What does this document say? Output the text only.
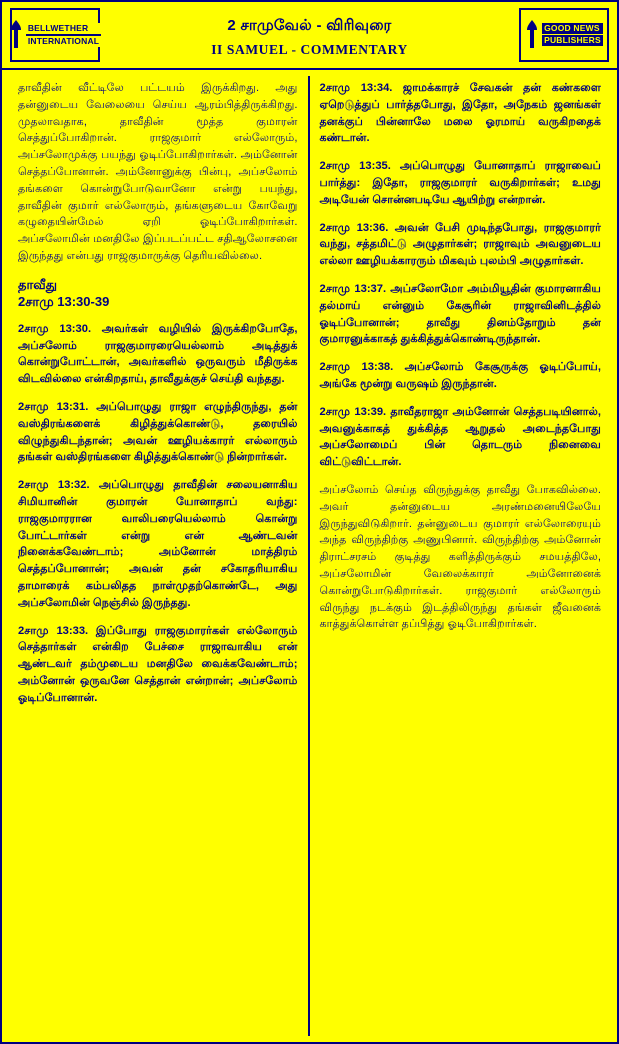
BELLWETHER
INTERNATIONAL
2 சாமுவேல் - விரிவுரை
II SAMUEL - COMMENTARY
GOOD NEWS
PUBLISHERS

தாவீதின் வீட்டிலே பட்டயம் இருக்கிறது. அது தன்னுடைய வேலையை செய்ய ஆரம்பித்திருக்கிறது. முதலாவதாக, தாவீதின் மூத்த குமாரன் செத்துப்போகிறான். ராஜகுமார் எல்லோரும், அப்சலோமுக்கு பயந்து ஓடிப்போகிறார்கள். அம்னோன் செத்தப்போனான். அம்னோனுக்கு பின்பு, அப்சலோம் தங்களை கொன்றுபோடுவானோ என்று பயந்து, தாவீதின் குமார் எல்லோரும், தங்களுடைய கோவேறு கழுதையின்மேல் ஏறி ஓடிப்போகிறார்கள். அப்சலோமின் மனதிலே இப்படப்பட்ட சதிஆலோசனை இருந்தது என்பது ராஜகுமாருக்கு தெரியவில்லை.

தாவீது
2சாமு 13:30-39

2சாமு 13:30. அவர்கள் வழியில் இருக்கிறபோதே, அப்சலோம் ராஜகுமாரரையெல்லாம் அடித்துக் கொன்றுபோட்டான், அவர்களில் ஒருவரும் மீதிருக்க விடவில்லை என்கிறதாய், தாவீதுக்குச் செய்தி வந்தது.

2சாமு 13:31. அப்பொழுது ராஜா எழுந்திருந்து, தன் வஸ்திரங்களைக் கிழித்துக்கொண்டு, தரையில் விழுந்துகிடந்தான்; அவன் ஊழியக்காரர் எல்லாரும் தங்கள் வஸ்திரங்களை கிழித்துக்கொண்டு நின்றார்கள்.

2சாமு 13:32. அப்பொழுது தாவீதின் சலையனாகிய சிமியானின் குமாரன் யோனாதாப் வந்து: ராஜகுமாரரான வாலிபரையெல்லாம் கொன்று போட்டார்கள் என்று என் ஆண்டவன் நினைக்கவேண்டாம்; அம்னோன் மாத்திரம் செத்தப்போனான்; அவன் தன் சகோதரியாகிய தாமாரைக் கம்பலிதத நாள்முதற்கொண்டே, அது அப்சலோமின் நெஞ்சில் இருந்தது.

2சாமு 13:33. இப்போது ராஜகுமாரர்கள் எல்லோரும் செத்தார்கள் என்கிற பேச்சை ராஜாவாகிய என் ஆண்டவர் தம்முடைய மனதிலே வைக்கவேண்டாம்; அம்னோன் ஒருவனே செத்தான் என்றான்; அப்சலோம் ஓடிப்போனான்.

2சாமு 13:34. ஜாமக்காரச் சேவகன் தன் கண்களை ஏறெடுத்துப் பார்த்தபோது, இதோ, அநேகம் ஜனங்கள் தனக்குப் பின்னாலே மலை ஓரமாய் வருகிறதைக் கண்டான்.

2சாமு 13:35. அப்பொழுது யோனாதாப் ராஜாவைப் பார்த்து: இதோ, ராஜகுமாரர் வருகிறார்கள்; உமது அடியேன் சொன்னபடியே ஆயிற்று என்றான்.

2சாமு 13:36. அவன் பேசி முடிந்தபோது, ராஜகுமாரர் வந்து, சத்தமிட்டு அழுதார்கள்; ராஜாவும் அவனுடைய எல்லா ஊழியக்காரரும் மிகவும் புலம்பி அழுதார்கள்.

2சாமு 13:37. அப்சலோமோ அம்மியூதின் குமாரனாகிய தல்மாய் என்னும் கேசூரின் ராஜாவினிடத்தில் ஓடிப்போனான்; தாவீது தினம்தோறும் தன் குமாரனுக்காகத் துக்கித்துக்கொண்டிருந்தான்.

2சாமு 13:38. அப்சலோம் கேசூருக்கு ஓடிப்போய், அங்கே மூன்று வருஷம் இருந்தான்.

2சாமு 13:39. தாவீதராஜா அம்னோன் செத்தபடியினால், அவனுக்காகத் துக்கித்த ஆறுதல் அடைந்தபோது அப்சலோமைப் பின் தொடரும் நினைவை விட்டுவிட்டான்.

அப்சலோம் செய்த விருந்துக்கு தாவீது போகவில்லை. அவர் தன்னுடைய அரண்மனையிலேயே இருந்துவிடுகிறார். தன்னுடைய குமாரர் எல்லோரையும் அந்த விருந்திற்கு அணுபினார். விருந்திற்கு அம்னோன் திராட்சரசம் குடித்து களித்திருக்கும் சமயத்திலே, அப்சலோமின் வேலைக்காரர் அம்னோனைக் கொன்றுபோடுகிறார்கள். ராஜகுமார் எல்லோரும் விருந்து நடக்கும் இடத்திலிருந்து தங்கள் ஜீவனைக் காத்துக்கொள்ள தப்பித்து ஓடிபோகிறார்கள்.
